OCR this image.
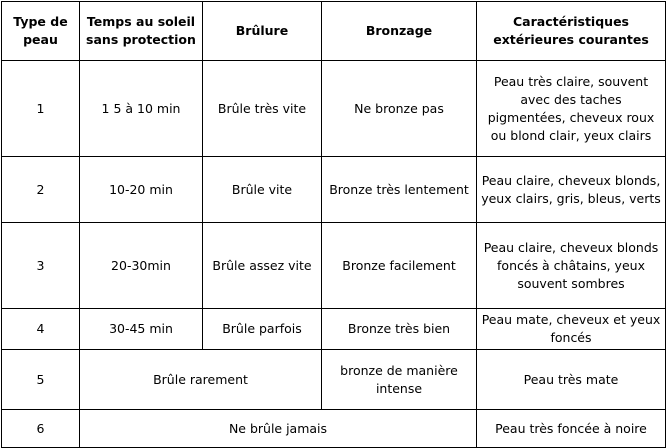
Type de peau	Temps au soleil sans protection	Brûlure	Bronzage	Caractéristiques extérieures courantes
1	1 5 à 10 min	Brûle très vite	Ne bronze pas	Peau très claire, souvent avec des taches pigmentées, cheveux roux ou blond clair, yeux clairs
2	10-20 min	Brûle vite	Bronze très lentement	Peau claire, cheveux blonds, yeux clairs, gris, bleus, verts
3	20-30min	Brûle assez vite	Bronze facilement	Peau claire, cheveux blonds foncés à châtains, yeux souvent sombres
4	30-45 min	Brûle parfois	Bronze très bien	Peau mate, cheveux et yeux foncés
5	Brûle rarement		bronze de manière intense	Peau très mate
6	Ne brûle jamais			Peau très foncée à noire
